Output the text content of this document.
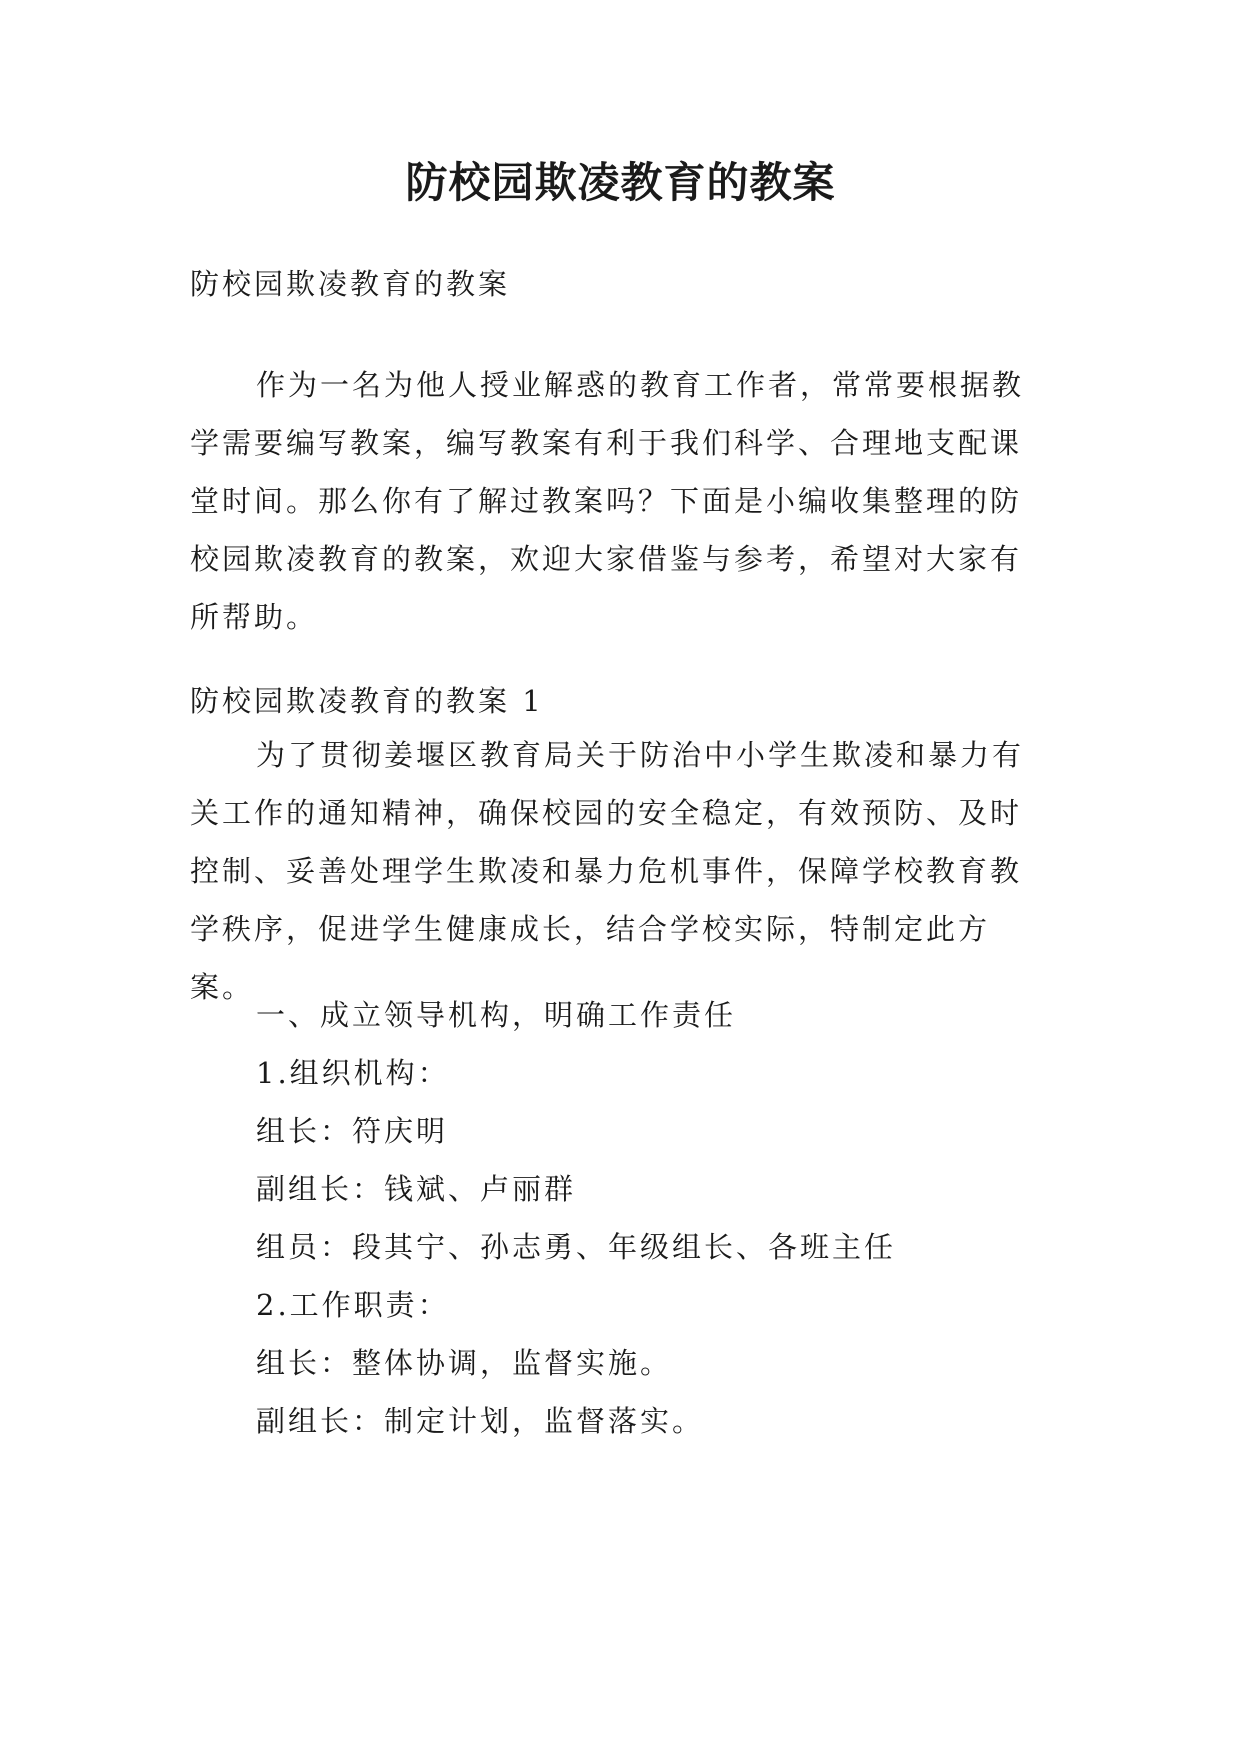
防校园欺凌教育的教案

防校园欺凌教育的教案

作为一名为他人授业解惑的教育工作者，常常要根据教学需要编写教案，编写教案有利于我们科学、合理地支配课堂时间。那么你有了解过教案吗？下面是小编收集整理的防校园欺凌教育的教案，欢迎大家借鉴与参考，希望对大家有所帮助。

防校园欺凌教育的教案 1

为了贯彻姜堰区教育局关于防治中小学生欺凌和暴力有关工作的通知精神，确保校园的安全稳定，有效预防、及时控制、妥善处理学生欺凌和暴力危机事件，保障学校教育教学秩序，促进学生健康成长，结合学校实际，特制定此方案。

一、成立领导机构，明确工作责任

1.组织机构：

组长：符庆明

副组长：钱斌、卢丽群

组员：段其宁、孙志勇、年级组长、各班主任

2.工作职责：

组长：整体协调，监督实施。

副组长：制定计划，监督落实。
